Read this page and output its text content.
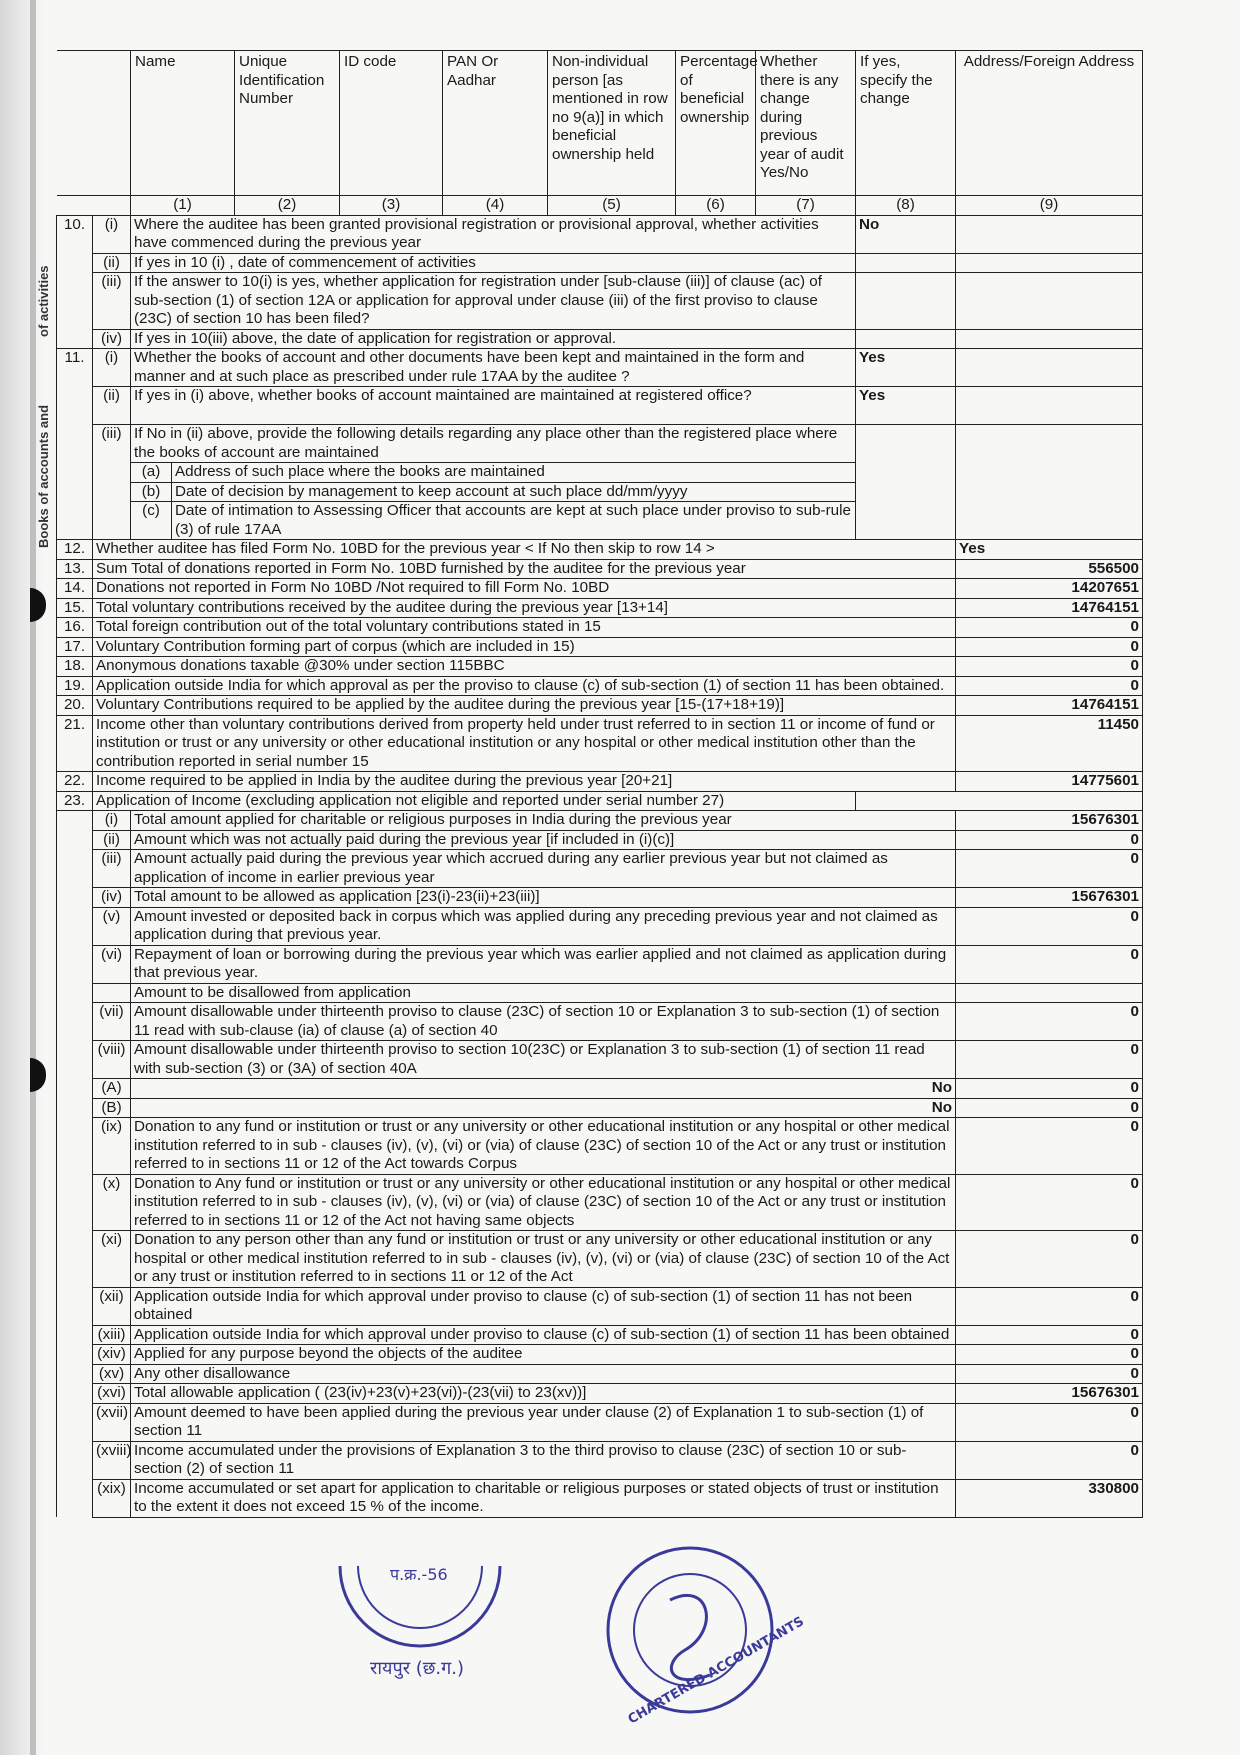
of activities
Books of accounts and
	Name	Unique Identification Number	ID code	PAN Or Aadhar	Non-individual person [as mentioned in row no 9(a)] in which beneficial ownership held	Percentage of beneficial ownership	Whether there is any change during previous year of audit Yes/No	If yes, specify the change	Address/Foreign Address
	(1)	(2)	(3)	(4)	(5)	(6)	(7)	(8)	(9)
10.	(i)	Where the auditee has been granted provisional registration or provisional approval, whether activities have commenced during the previous year	No	
(ii)	If yes in 10 (i) , date of commencement of activities		
(iii)	If the answer to 10(i) is yes, whether application for registration under [sub-clause (iii)] of clause (ac) of sub-section (1) of section 12A or application for approval under clause (iii) of the first proviso to clause (23C) of section 10 has been filed?		
(iv)	If yes in 10(iii) above, the date of application for registration or approval.		
11.	(i)	Whether the books of account and other documents have been kept and maintained in the form and manner and at such place as prescribed under rule 17AA by the auditee ?	Yes	
(ii)	If yes in (i) above, whether books of account maintained are maintained at registered office?	Yes	
(iii)	If No in (ii) above, provide the following details regarding any place other than the registered place where the books of account are maintained		

(a)	Address of such place where the books are maintained

(b)	Date of decision by management to keep account at such place dd/mm/yyyy

(c)	Date of intimation to Assessing Officer that accounts are kept at such place under proviso to sub-rule (3) of rule 17AA

12.	Whether auditee has filed Form No. 10BD for the previous year < If No then skip to row 14 >	Yes
13.	Sum Total of donations reported in Form No. 10BD furnished by the auditee for the previous year	556500
14.	Donations not reported in Form No 10BD /Not required to fill Form No. 10BD	14207651
15.	Total voluntary contributions received by the auditee during the previous year [13+14]	14764151
16.	Total foreign contribution out of the total voluntary contributions stated in 15	0
17.	Voluntary Contribution forming part of corpus (which are included in 15)	0
18.	Anonymous donations taxable @30% under section 115BBC	0
19.	Application outside India for which approval as per the proviso to clause (c) of sub-section (1) of section 11 has been obtained.	0
20.	Voluntary Contributions required to be applied by the auditee during the previous year [15-(17+18+19)]	14764151
21.	Income other than voluntary contributions derived from property held under trust referred to in section 11 or income of fund or institution or trust or any university or other educational institution or any hospital or other medical institution other than the contribution reported in serial number 15	11450
22.	Income required to be applied in India by the auditee during the previous year [20+21]	14775601
23.	Application of Income (excluding application not eligible and reported under serial number 27)	
	(i)	Total amount applied for charitable or religious purposes in India during the previous year	15676301
	(ii)	Amount which was not actually paid during the previous year [if included in (i)(c)]	0
	(iii)	Amount actually paid during the previous year which accrued during any earlier previous year but not claimed as application of income in earlier previous year	0
	(iv)	Total amount to be allowed as application [23(i)-23(ii)+23(iii)]	15676301
	(v)	Amount invested or deposited back in corpus which was applied during any preceding previous year and not claimed as application during that previous year.	0
	(vi)	Repayment of loan or borrowing during the previous year which was earlier applied and not claimed as application during that previous year.	0
		Amount to be disallowed from application	
	(vii)	Amount disallowable under thirteenth proviso to clause (23C) of section 10 or Explanation 3 to sub-section (1) of section 11 read with sub-clause (ia) of clause (a) of section 40	0
	(viii)	Amount disallowable under thirteenth proviso to section 10(23C) or Explanation 3 to sub-section (1) of section 11 read with sub-section (3) or (3A) of section 40A	0
	(A)	No	0
	(B)	No	0
	(ix)	Donation to any fund or institution or trust or any university or other educational institution or any hospital or other medical institution referred to in sub - clauses (iv), (v), (vi) or (via) of clause (23C) of section 10 of the Act or any trust or institution referred to in sections 11 or 12 of the Act towards Corpus	0
	(x)	Donation to Any fund or institution or trust or any university or other educational institution or any hospital or other medical institution referred to in sub - clauses (iv), (v), (vi) or (via) of clause (23C) of section 10 of the Act or any trust or institution referred to in sections 11 or 12 of the Act not having same objects	0
	(xi)	Donation to any person other than any fund or institution or trust or any university or other educational institution or any hospital or other medical institution referred to in sub - clauses (iv), (v), (vi) or (via) of clause (23C) of section 10 of the Act or any trust or institution referred to in sections 11 or 12 of the Act	0
	(xii)	Application outside India for which approval under proviso to clause (c) of sub-section (1) of section 11 has not been obtained	0
	(xiii)	Application outside India for which approval under proviso to clause (c) of sub-section (1) of section 11 has been obtained	0
	(xiv)	Applied for any purpose beyond the objects of the auditee	0
	(xv)	Any other disallowance	0
	(xvi)	Total allowable application ( (23(iv)+23(v)+23(vi))-(23(vii) to 23(xv))]	15676301
	(xvii)	Amount deemed to have been applied during the previous year under clause (2) of Explanation 1 to sub-section (1) of section 11	0
	(xviii)	Income accumulated under the provisions of Explanation 3 to the third proviso to clause (23C) of section 10 or sub-section (2) of section 11	0
	(xix)	Income accumulated or set apart for application to charitable or religious purposes or stated objects of trust or institution to the extent it does not exceed 15 % of the income.	330800
प.क्र.-56
रायपुर (छ.ग.)	CHARTERED ACCOUNTANTS
